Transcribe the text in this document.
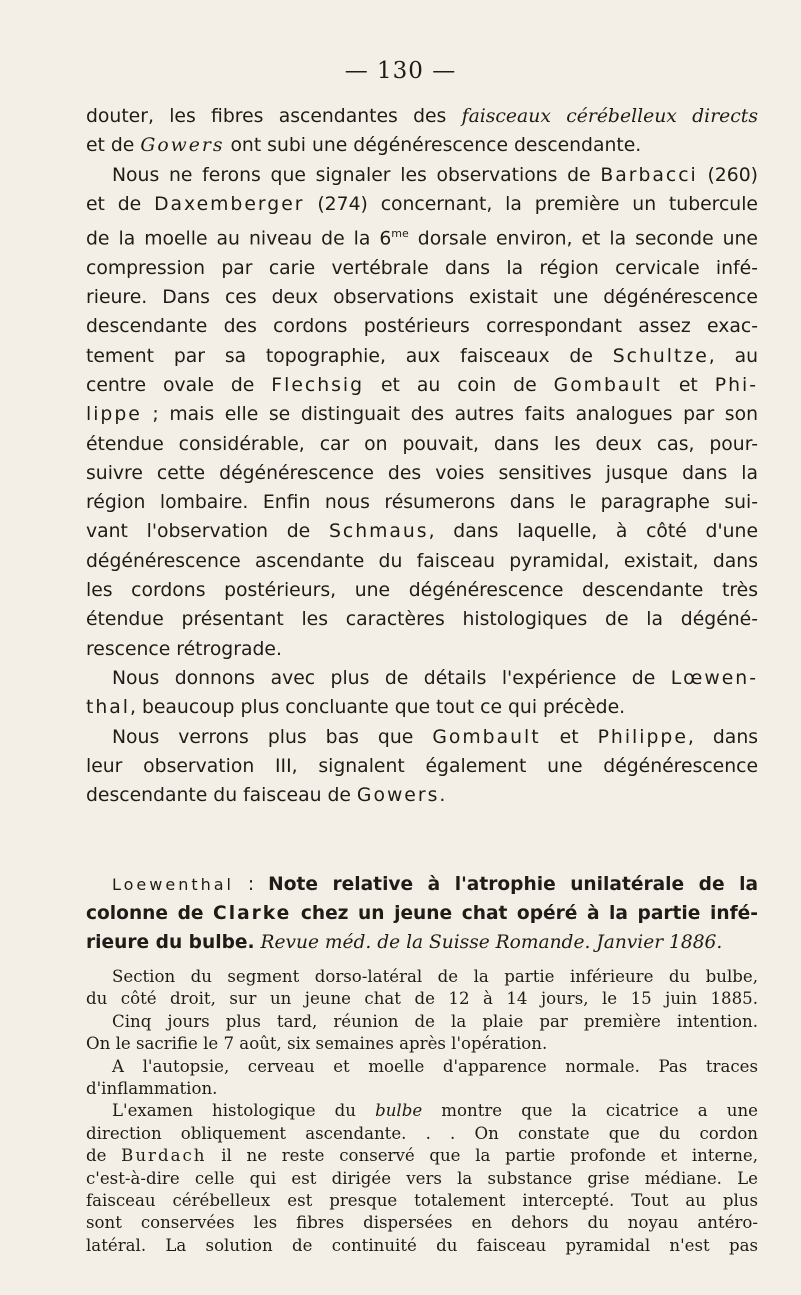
— 130 —
douter, les fibres ascendantes des faisceaux cérébelleux directs
et de Gowers ont subi une dégénérescence descendante.
Nous ne ferons que signaler les observations de Barbacci (260)
et de Daxemberger (274) concernant, la première un tubercule
de la moelle au niveau de la $6^{me}$ dorsale environ, et la seconde une
compression par carie vertébrale dans la région cervicale infé-
rieure. Dans ces deux observations existait une dégénérescence
descendante des cordons postérieurs correspondant assez exac-
tement par sa topographie, aux faisceaux de Schultze, au
centre ovale de Flechsig et au coin de Gombault et Phi-
lippe ; mais elle se distinguait des autres faits analogues par son
étendue considérable, car on pouvait, dans les deux cas, pour-
suivre cette dégénérescence des voies sensitives jusque dans la
région lombaire. Enfin nous résumerons dans le paragraphe sui-
vant l'observation de Schmaus, dans laquelle, à côté d'une
dégénérescence ascendante du faisceau pyramidal, existait, dans
les cordons postérieurs, une dégénérescence descendante très
étendue présentant les caractères histologiques de la dégéné-
rescence rétrograde.
Nous donnons avec plus de détails l'expérience de Lœwen-
thal, beaucoup plus concluante que tout ce qui précède.
Nous verrons plus bas que Gombault et Philippe, dans
leur observation III, signalent également une dégénérescence
descendante du faisceau de Gowers.
Loewenthal : Note relative à l'atrophie unilatérale de la
colonne de Clarke chez un jeune chat opéré à la partie infé-
rieure du bulbe. Revue méd. de la Suisse Romande. Janvier 1886.
Section du segment dorso-latéral de la partie inférieure du bulbe,
du côté droit, sur un jeune chat de 12 à 14 jours, le 15 juin 1885.
Cinq jours plus tard, réunion de la plaie par première intention.
On le sacrifie le 7 août, six semaines après l'opération.
A l'autopsie, cerveau et moelle d'apparence normale. Pas traces
d'inflammation.
L'examen histologique du bulbe montre que la cicatrice a une
direction obliquement ascendante. . . On constate que du cordon
de Burdach il ne reste conservé que la partie profonde et interne,
c'est-à-dire celle qui est dirigée vers la substance grise médiane. Le
faisceau cérébelleux est presque totalement intercepté. Tout au plus
sont conservées les fibres dispersées en dehors du noyau antéro-
latéral. La solution de continuité du faisceau pyramidal n'est pas
